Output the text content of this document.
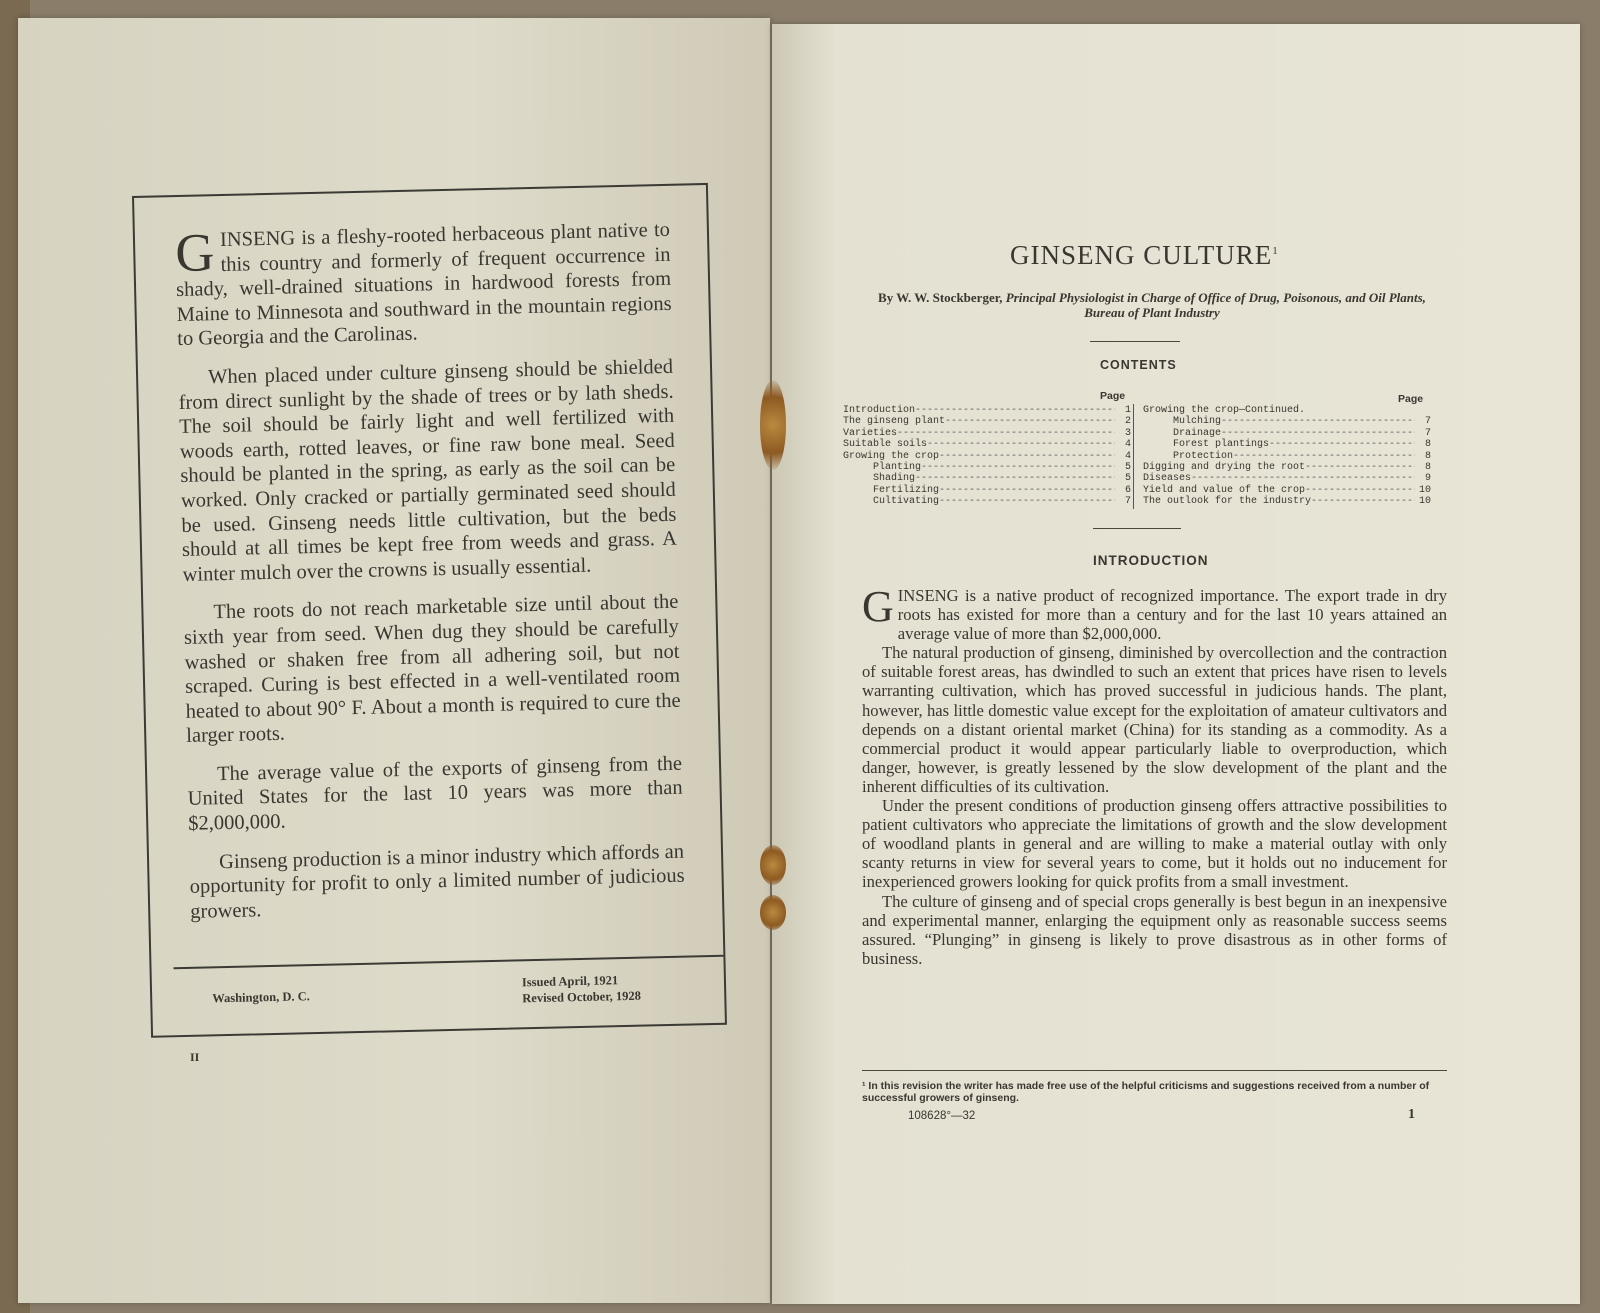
GINSENG is a fleshy-rooted herbaceous plant native to this country and formerly of frequent occurrence in shady, well-drained situations in hardwood forests from Maine to Minnesota and southward in the mountain regions to Georgia and the Carolinas.

When placed under culture ginseng should be shielded from direct sunlight by the shade of trees or by lath sheds. The soil should be fairly light and well fertilized with woods earth, rotted leaves, or fine raw bone meal. Seed should be planted in the spring, as early as the soil can be worked. Only cracked or partially germinated seed should be used. Ginseng needs little cultivation, but the beds should at all times be kept free from weeds and grass. A winter mulch over the crowns is usually essential.

The roots do not reach marketable size until about the sixth year from seed. When dug they should be carefully washed or shaken free from all adhering soil, but not scraped. Curing is best effected in a well-ventilated room heated to about 90° F. About a month is required to cure the larger roots.

The average value of the exports of ginseng from the United States for the last 10 years was more than $2,000,000.

Ginseng production is a minor industry which affords an opportunity for profit to only a limited number of judicious growers.

Washington, D. C.
Issued April, 1921
Revised October, 1928
II
GINSENG CULTURE$^1$
By W. W. Stockberger, Principal Physiologist in Charge of Office of Drug, Poisonous, and Oil Plants, Bureau of Plant Industry
CONTENTS
Page	Page
Introduction -----	1
The ginseng plant -----	2
Varieties -----	3
Suitable soils -----	4
Growing the crop -----	4
Planting -----	5
Shading -----	5
Fertilizing -----	6
Cultivating -----	7
Growing the crop—Continued.
Mulching -----	7
Drainage -----	7
Forest plantings -----	8
Protection -----	8
Digging and drying the root -----	8
Diseases -----	9
Yield and value of the crop -----	10
The outlook for the industry -----	10
INTRODUCTION

GINSENG is a native product of recognized importance. The export trade in dry roots has existed for more than a century and for the last 10 years attained an average value of more than $2,000,000.

The natural production of ginseng, diminished by overcollection and the contraction of suitable forest areas, has dwindled to such an extent that prices have risen to levels warranting cultivation, which has proved successful in judicious hands. The plant, however, has little domestic value except for the exploitation of amateur cultivators and depends on a distant oriental market (China) for its standing as a commodity. As a commercial product it would appear particularly liable to overproduction, which danger, however, is greatly lessened by the slow development of the plant and the inherent difficulties of its cultivation.

Under the present conditions of production ginseng offers attractive possibilities to patient cultivators who appreciate the limitations of growth and the slow development of woodland plants in general and are willing to make a material outlay with only scanty returns in view for several years to come, but it holds out no inducement for inexperienced growers looking for quick profits from a small investment.

The culture of ginseng and of special crops generally is best begun in an inexpensive and experimental manner, enlarging the equipment only as reasonable success seems assured. “Plunging” in ginseng is likely to prove disastrous as in other forms of business.

¹ In this revision the writer has made free use of the helpful criticisms and suggestions received from a number of successful growers of ginseng.
108628°—32	1
